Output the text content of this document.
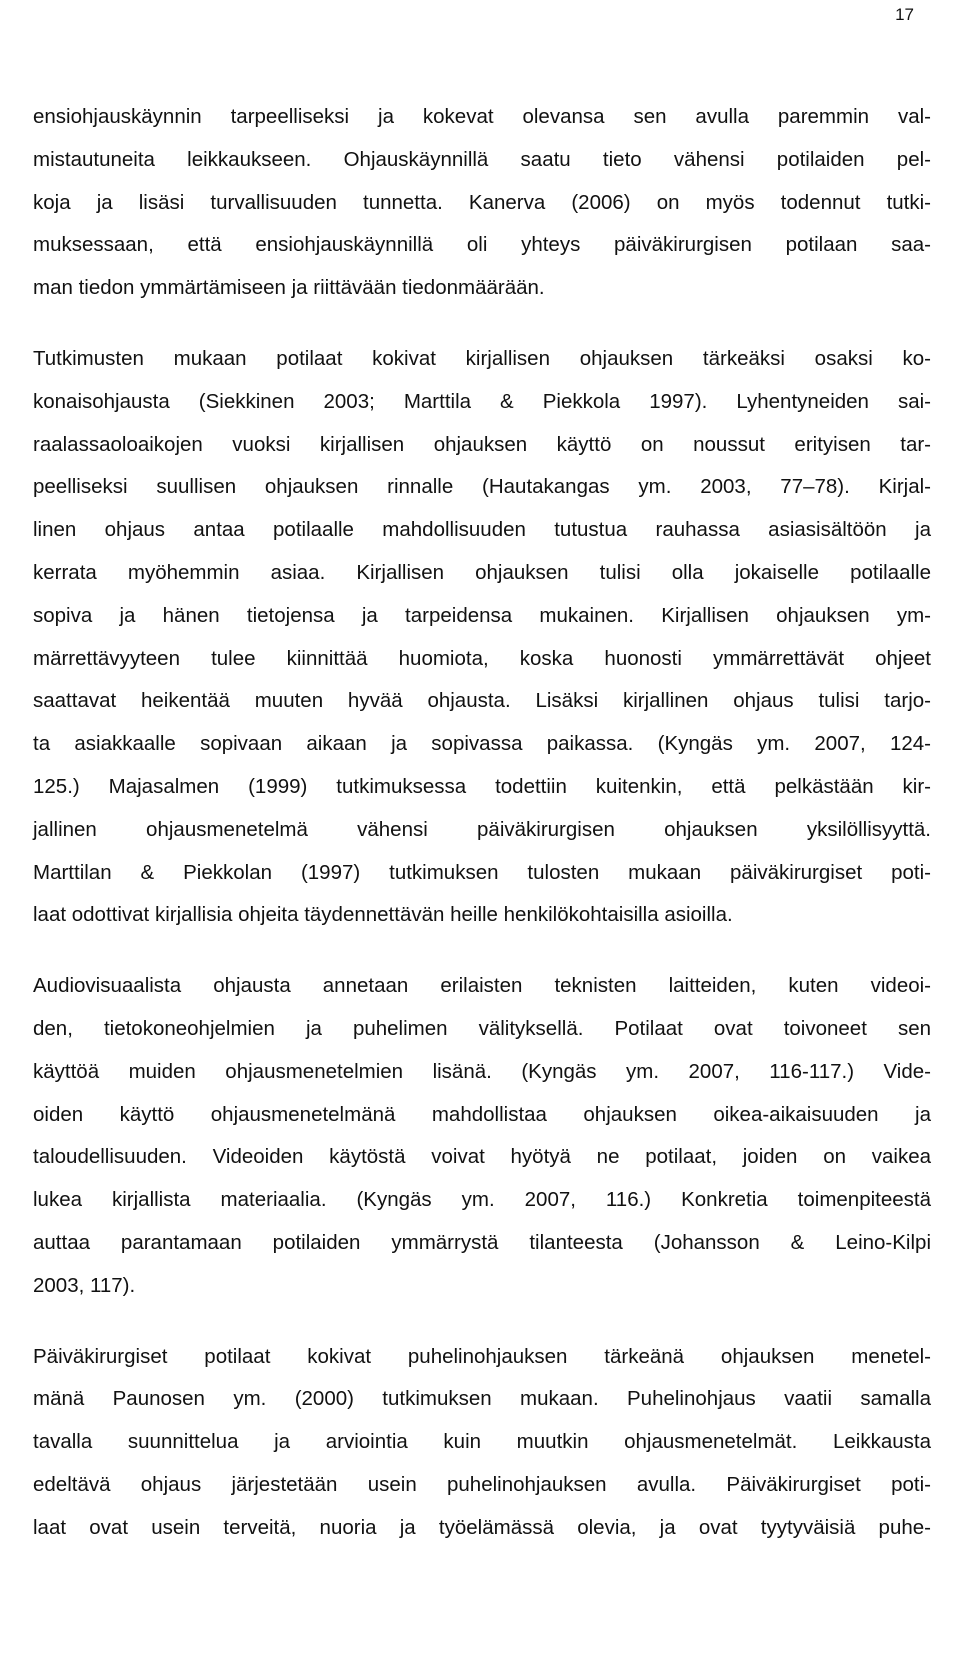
17

ensiohjauskäynnin tarpeelliseksi ja kokevat olevansa sen avulla paremmin val-
mistautuneita leikkaukseen. Ohjauskäynnillä saatu tieto vähensi potilaiden pel-
koja ja lisäsi turvallisuuden tunnetta. Kanerva (2006) on myös todennut tutki-
muksessaan, että ensiohjauskäynnillä oli yhteys päiväkirurgisen potilaan saa-
man tiedon ymmärtämiseen ja riittävään tiedonmäärään.

Tutkimusten mukaan potilaat kokivat kirjallisen ohjauksen tärkeäksi osaksi ko-
konaisohjausta (Siekkinen 2003; Marttila & Piekkola 1997). Lyhentyneiden sai-
raalassaoloaikojen vuoksi kirjallisen ohjauksen käyttö on noussut erityisen tar-
peelliseksi suullisen ohjauksen rinnalle (Hautakangas ym. 2003, 77–78). Kirjal-
linen ohjaus antaa potilaalle mahdollisuuden tutustua rauhassa asiasisältöön ja
kerrata myöhemmin asiaa. Kirjallisen ohjauksen tulisi olla jokaiselle potilaalle
sopiva ja hänen tietojensa ja tarpeidensa mukainen. Kirjallisen ohjauksen ym-
märrettävyyteen tulee kiinnittää huomiota, koska huonosti ymmärrettävät ohjeet
saattavat heikentää muuten hyvää ohjausta. Lisäksi kirjallinen ohjaus tulisi tarjo-
ta asiakkaalle sopivaan aikaan ja sopivassa paikassa. (Kyngäs ym. 2007, 124-
125.) Majasalmen (1999) tutkimuksessa todettiin kuitenkin, että pelkästään kir-
jallinen ohjausmenetelmä vähensi päiväkirurgisen ohjauksen yksilöllisyyttä.
Marttilan & Piekkolan (1997) tutkimuksen tulosten mukaan päiväkirurgiset poti-
laat odottivat kirjallisia ohjeita täydennettävän heille henkilökohtaisilla asioilla.

Audiovisuaalista ohjausta annetaan erilaisten teknisten laitteiden, kuten videoi-
den, tietokoneohjelmien ja puhelimen välityksellä. Potilaat ovat toivoneet sen
käyttöä muiden ohjausmenetelmien lisänä. (Kyngäs ym. 2007, 116-117.) Vide-
oiden käyttö ohjausmenetelmänä mahdollistaa ohjauksen oikea-aikaisuuden ja
taloudellisuuden. Videoiden käytöstä voivat hyötyä ne potilaat, joiden on vaikea
lukea kirjallista materiaalia. (Kyngäs ym. 2007, 116.) Konkretia toimenpiteestä
auttaa parantamaan potilaiden ymmärrystä tilanteesta (Johansson & Leino-Kilpi
2003, 117).

Päiväkirurgiset potilaat kokivat puhelinohjauksen tärkeänä ohjauksen menetel-
mänä Paunosen ym. (2000) tutkimuksen mukaan. Puhelinohjaus vaatii samalla
tavalla suunnittelua ja arviointia kuin muutkin ohjausmenetelmät. Leikkausta
edeltävä ohjaus järjestetään usein puhelinohjauksen avulla. Päiväkirurgiset poti-
laat ovat usein terveitä, nuoria ja työelämässä olevia, ja ovat tyytyväisiä puhe-
